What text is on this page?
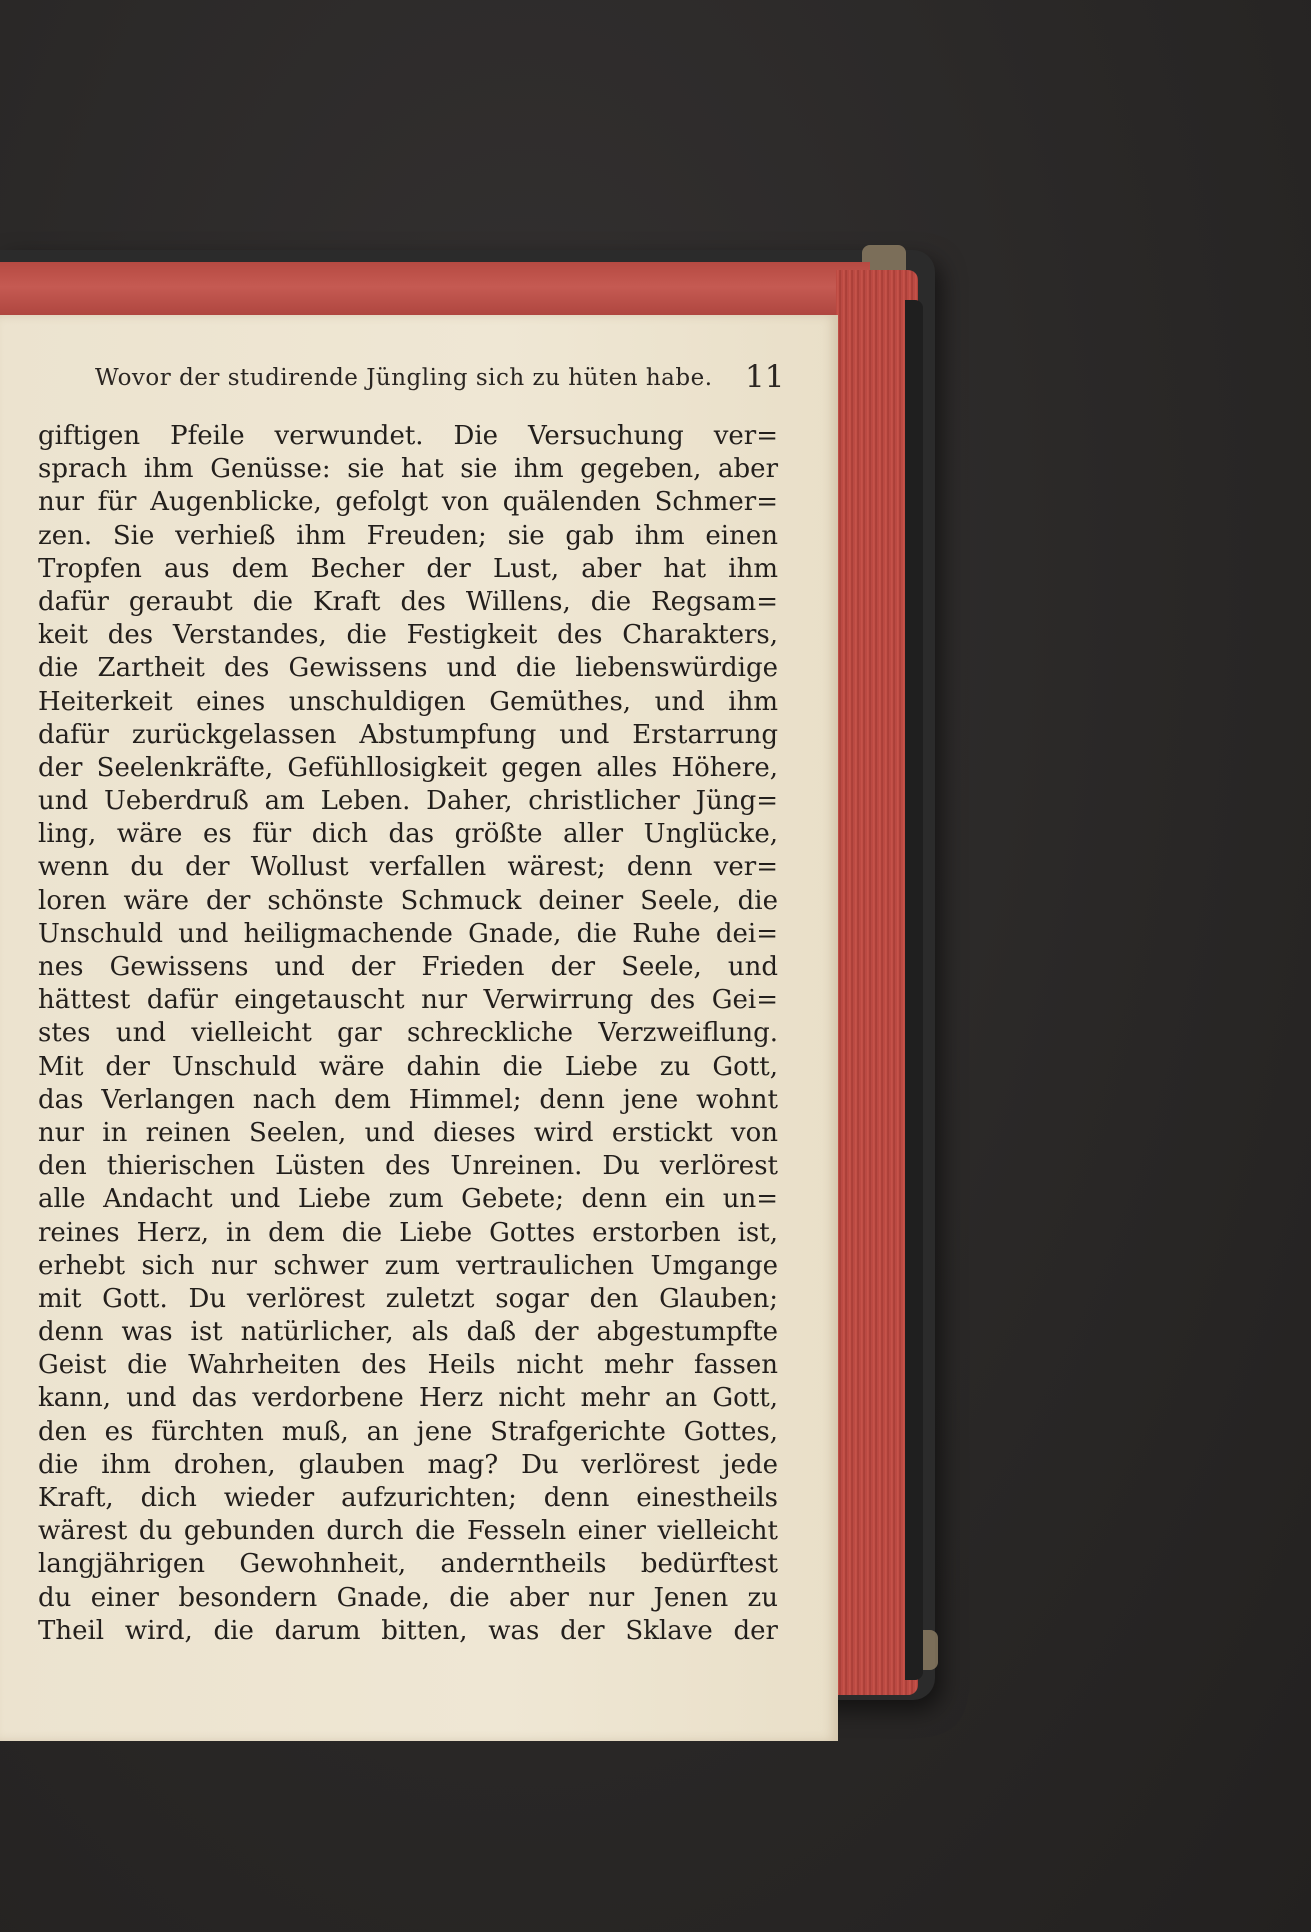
Wovor der studirende Jüngling sich zu hüten habe. 11
giftigen Pfeile verwundet. Die Versuchung ver=
sprach ihm Genüsse: sie hat sie ihm gegeben, aber
nur für Augenblicke, gefolgt von quälenden Schmer=
zen. Sie verhieß ihm Freuden; sie gab ihm einen
Tropfen aus dem Becher der Lust, aber hat ihm
dafür geraubt die Kraft des Willens, die Regsam=
keit des Verstandes, die Festigkeit des Charakters,
die Zartheit des Gewissens und die liebenswürdige
Heiterkeit eines unschuldigen Gemüthes, und ihm
dafür zurückgelassen Abstumpfung und Erstarrung
der Seelenkräfte, Gefühllosigkeit gegen alles Höhere,
und Ueberdruß am Leben. Daher, christlicher Jüng=
ling, wäre es für dich das größte aller Unglücke,
wenn du der Wollust verfallen wärest; denn ver=
loren wäre der schönste Schmuck deiner Seele, die
Unschuld und heiligmachende Gnade, die Ruhe dei=
nes Gewissens und der Frieden der Seele, und
hättest dafür eingetauscht nur Verwirrung des Gei=
stes und vielleicht gar schreckliche Verzweiflung.
Mit der Unschuld wäre dahin die Liebe zu Gott,
das Verlangen nach dem Himmel; denn jene wohnt
nur in reinen Seelen, und dieses wird erstickt von
den thierischen Lüsten des Unreinen. Du verlörest
alle Andacht und Liebe zum Gebete; denn ein un=
reines Herz, in dem die Liebe Gottes erstorben ist,
erhebt sich nur schwer zum vertraulichen Umgange
mit Gott. Du verlörest zuletzt sogar den Glauben;
denn was ist natürlicher, als daß der abgestumpfte
Geist die Wahrheiten des Heils nicht mehr fassen
kann, und das verdorbene Herz nicht mehr an Gott,
den es fürchten muß, an jene Strafgerichte Gottes,
die ihm drohen, glauben mag? Du verlörest jede
Kraft, dich wieder aufzurichten; denn einestheils
wärest du gebunden durch die Fesseln einer vielleicht
langjährigen Gewohnheit, anderntheils bedürftest
du einer besondern Gnade, die aber nur Jenen zu
Theil wird, die darum bitten, was der Sklave der
